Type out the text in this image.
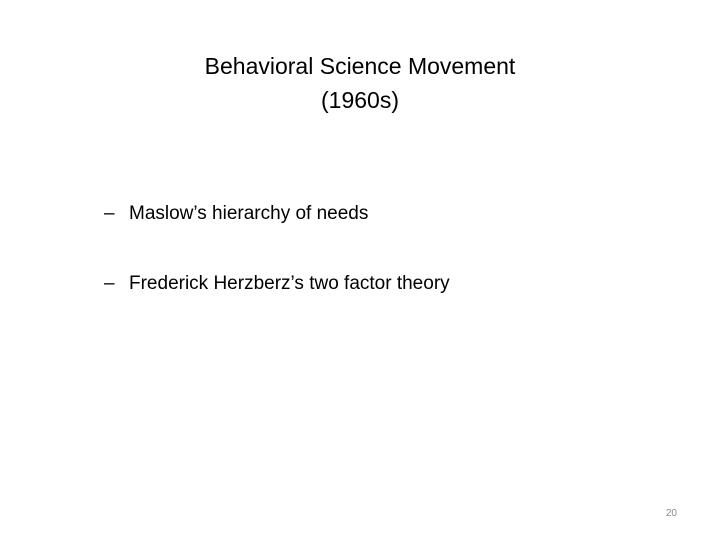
Behavioral Science Movement
(1960s)
– Maslow’s hierarchy of needs
– Frederick Herzberz’s two factor theory
20
